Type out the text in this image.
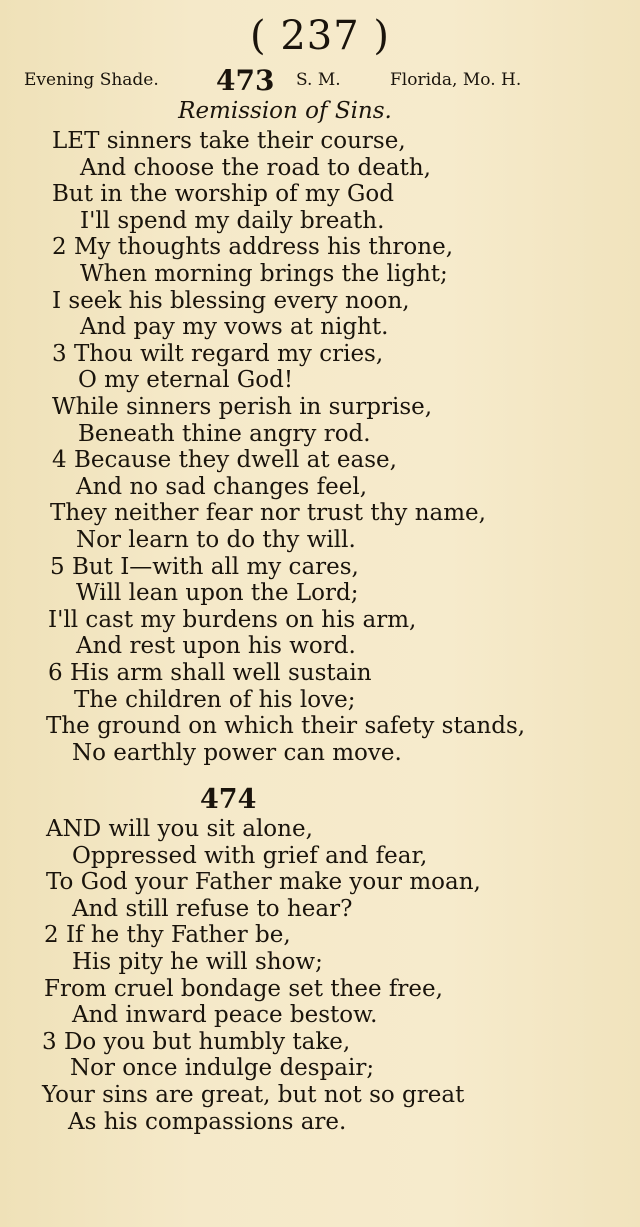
( 237 )
Evening Shade. 473 S. M.	Florida, Mo. H.
Remission of Sins.
LET sinners take their course,
And choose the road to death,
But in the worship of my God
I'll spend my daily breath.
2 My thoughts address his throne,
When morning brings the light;
I seek his blessing every noon,
And pay my vows at night.
3 Thou wilt regard my cries,
O my eternal God!
While sinners perish in surprise,
Beneath thine angry rod.
4 Because they dwell at ease,
And no sad changes feel,
They neither fear nor trust thy name,
Nor learn to do thy will.
5 But I—with all my cares,
Will lean upon the Lord;
I'll cast my burdens on his arm,
And rest upon his word.
6 His arm shall well sustain
The children of his love;
The ground on which their safety stands,
No earthly power can move.
474
AND will you sit alone,
Oppressed with grief and fear,
To God your Father make your moan,
And still refuse to hear?
2 If he thy Father be,
His pity he will show;
From cruel bondage set thee free,
And inward peace bestow.
3 Do you but humbly take,
Nor once indulge despair;
Your sins are great, but not so great
As his compassions are.
